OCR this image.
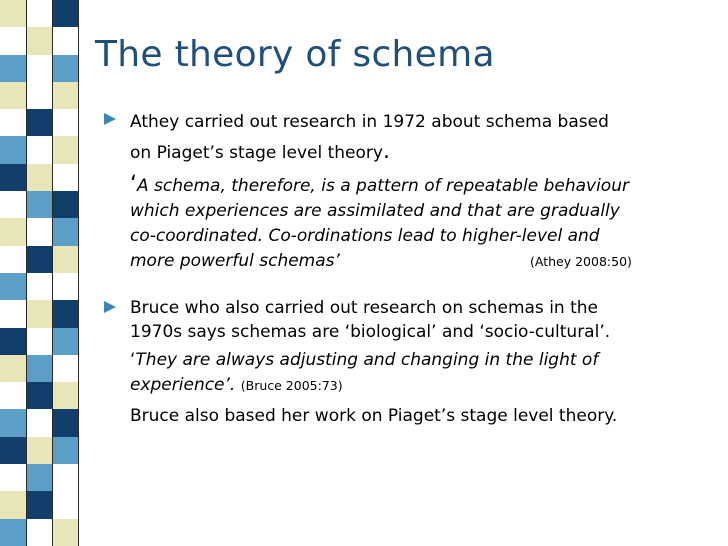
The theory of schema
Athey carried out research in 1972 about schema based
on Piaget’s stage level theory.
‘A schema, therefore, is a pattern of repeatable behaviour
which experiences are assimilated and that are gradually
co-coordinated. Co-ordinations lead to higher-level and
more powerful schemas’	(Athey 2008:50)
Bruce who also carried out research on schemas in the
1970s says schemas are ‘biological’ and ‘socio-cultural’.
‘They are always adjusting and changing in the light of
experience’. (Bruce 2005:73)
Bruce also based her work on Piaget’s stage level theory.
